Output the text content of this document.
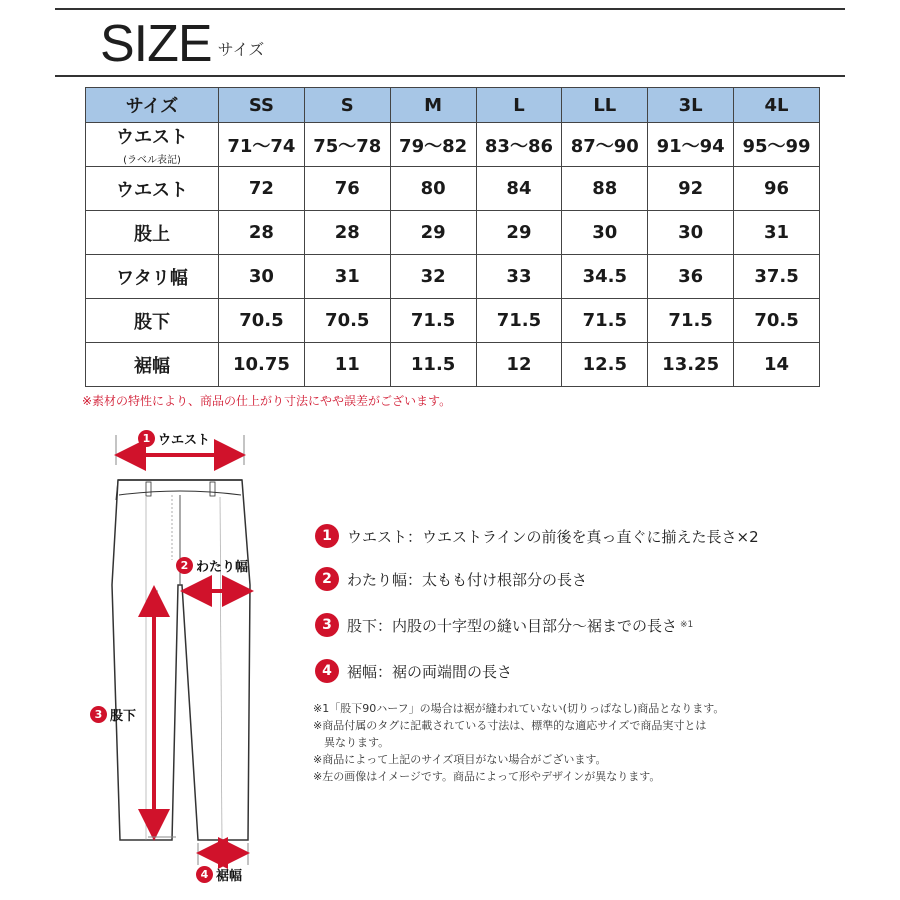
SIZE サイズ
サイズ	SS	S	M	L	LL	3L	4L
ウエスト
(ラベル表記)	71〜74	75〜78	79〜82	83〜86	87〜90	91〜94	95〜99
ウエスト	72	76	80	84	88	92	96
股上	28	28	29	29	30	30	31
ワタリ幅	30	31	32	33	34.5	36	37.5
股下	70.5	70.5	71.5	71.5	71.5	71.5	70.5
裾幅	10.75	11	11.5	12	12.5	13.25	14
※素材の特性により、商品の仕上がり寸法にやや誤差がございます。
1 ウエスト
2 わたり幅
3 股下
4 裾幅
1	ウエスト：ウエストラインの前後を真っ直ぐに揃えた長さ×2
2	わたり幅：太もも付け根部分の長さ
3	股下：内股の十字型の縫い目部分〜裾までの長さ ※1
4	裾幅：裾の両端間の長さ
※1「股下90ハーフ」の場合は裾が縫われていない(切りっぱなし)商品となります。
※商品付属のタグに記載されている寸法は、標準的な適応サイズで商品実寸とは
異なります。
※商品によって上記のサイズ項目がない場合がございます。
※左の画像はイメージです。商品によって形やデザインが異なります。
